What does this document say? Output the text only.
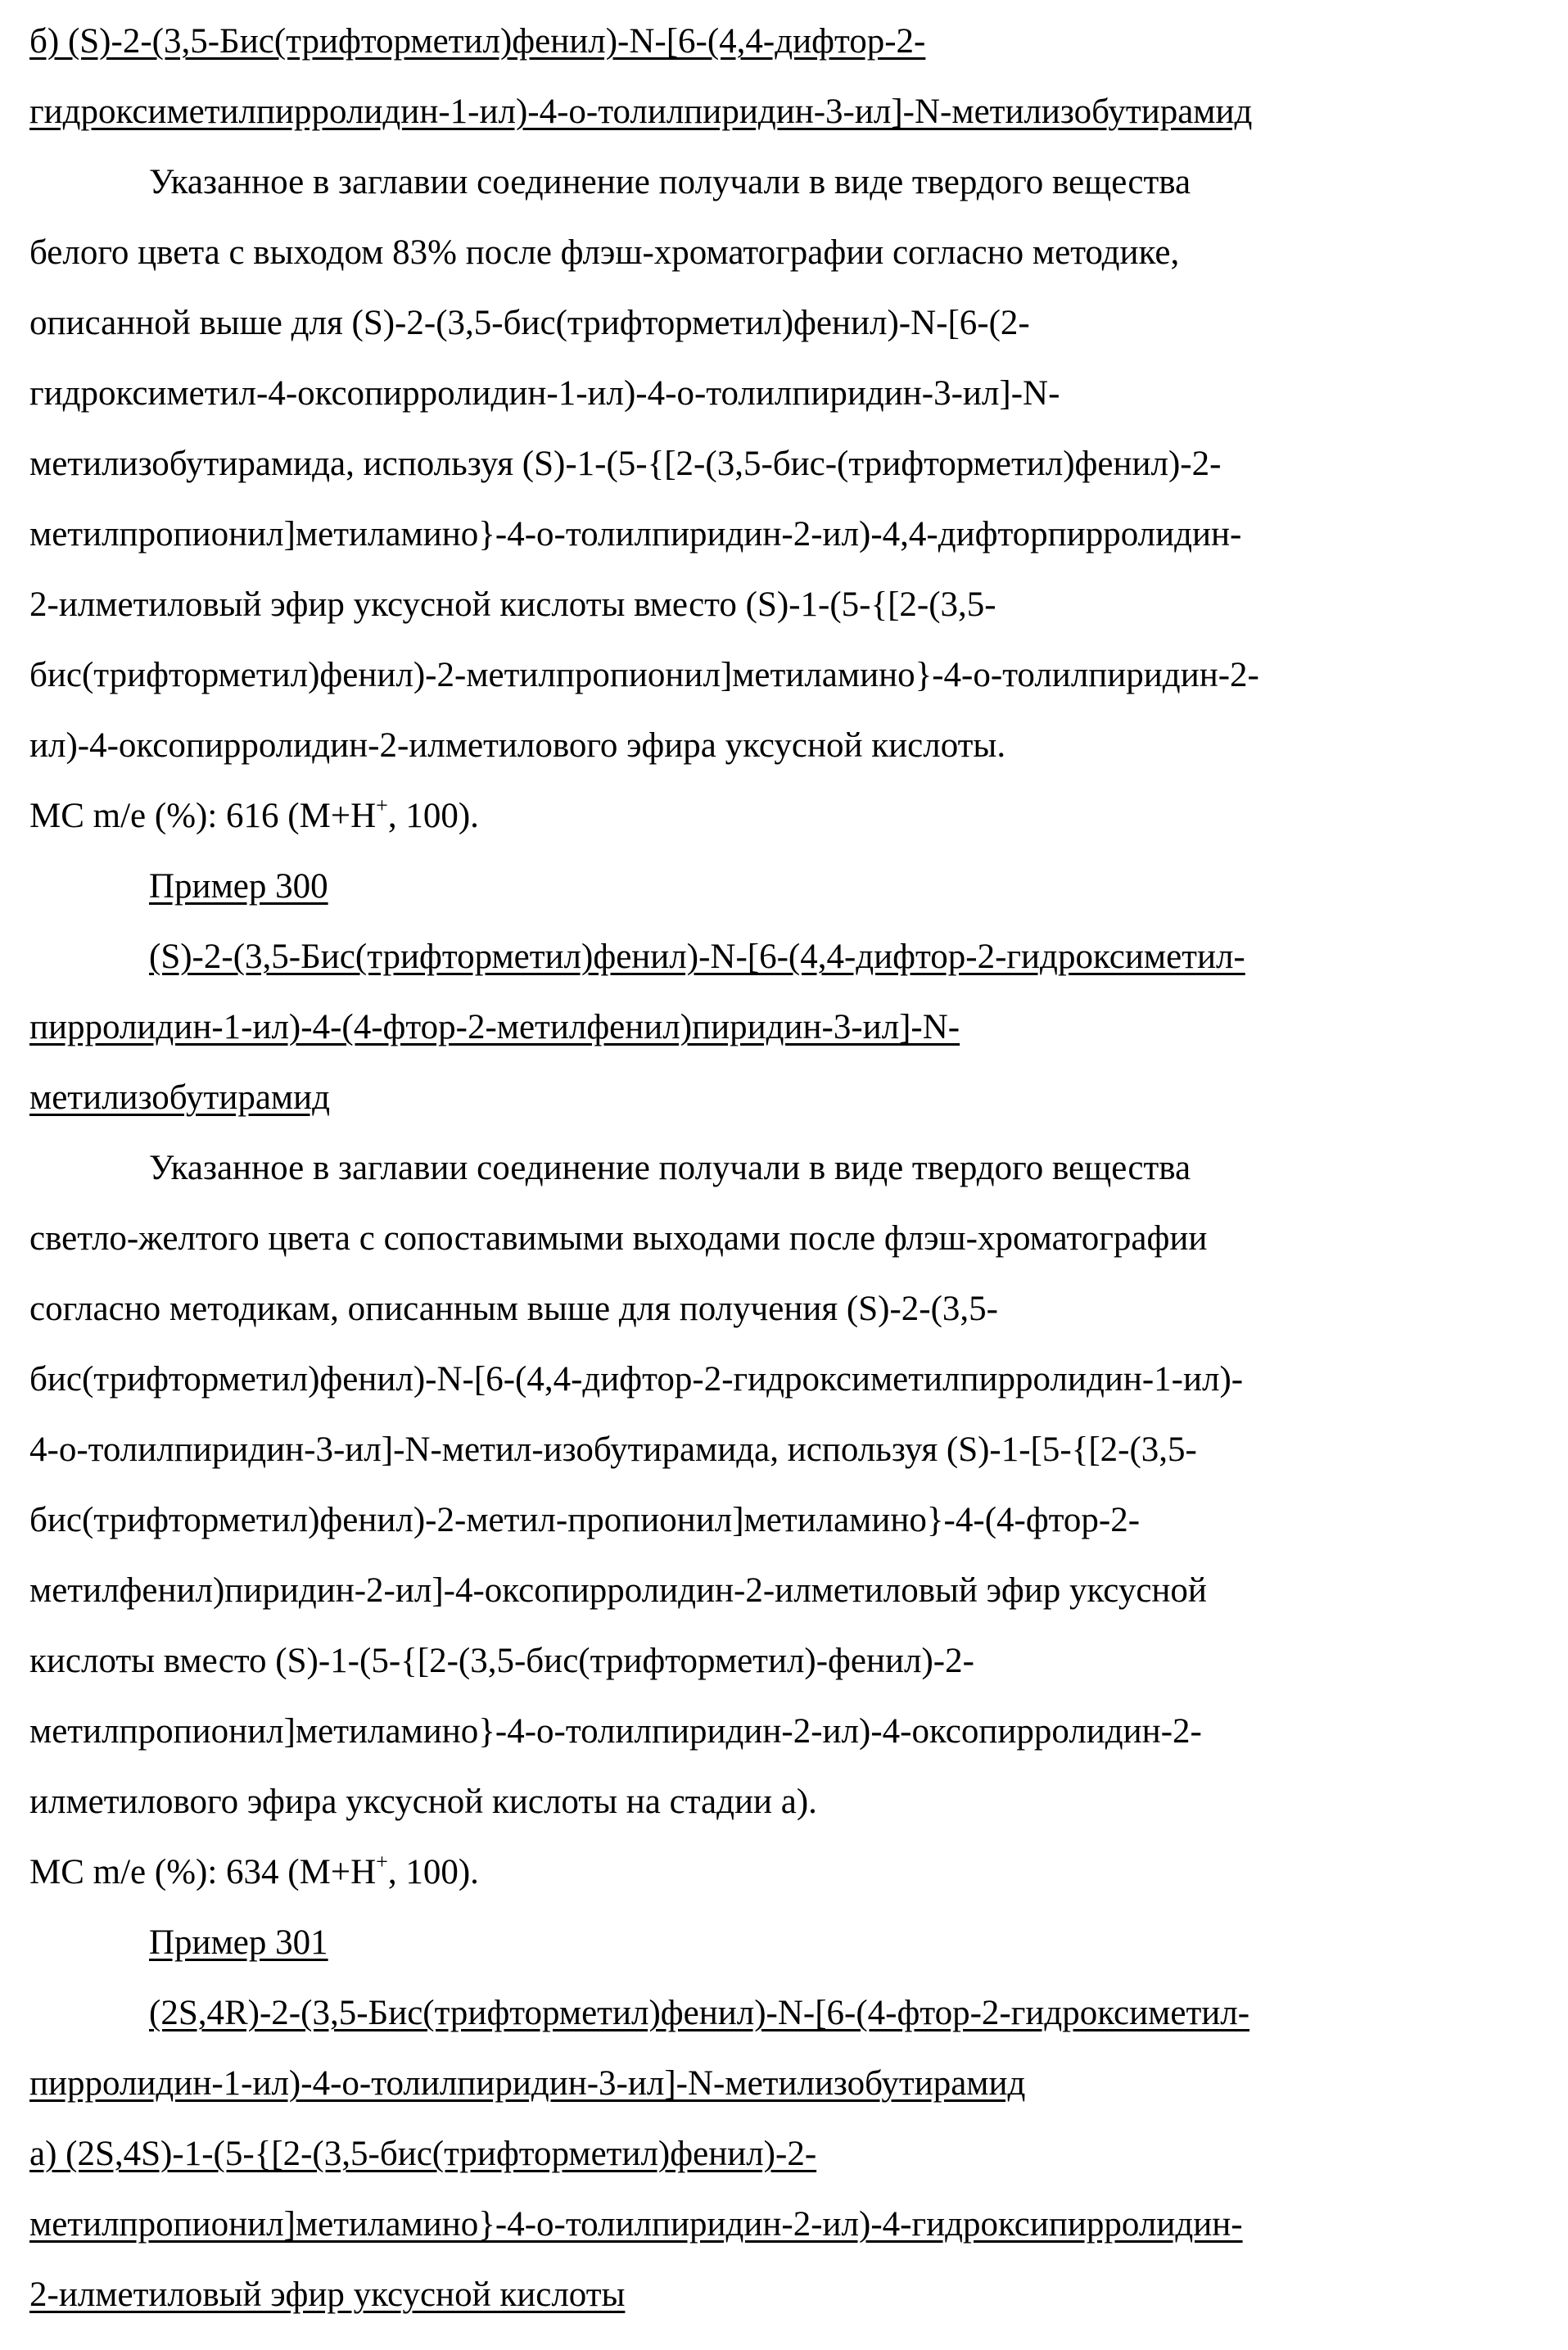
б) (S)-2-(3,5-Бис(трифторметил)фенил)-N-[6-(4,4-дифтор-2-
гидроксиметилпирролидин-1-ил)-4-о-толилпиридин-3-ил]-N-метилизобутирамид
Указанное в заглавии соединение получали в виде твердого вещества
белого цвета с выходом 83% после флэш-хроматографии согласно методике,
описанной выше для (S)-2-(3,5-бис(трифторметил)фенил)-N-[6-(2-
гидроксиметил-4-оксопирролидин-1-ил)-4-о-толилпиридин-3-ил]-N-
метилизобутирамида, используя (S)-1-(5-{[2-(3,5-бис-(трифторметил)фенил)-2-
метилпропионил]метиламино}-4-о-толилпиридин-2-ил)-4,4-дифторпирролидин-
2-илметиловый эфир уксусной кислоты вместо (S)-1-(5-{[2-(3,5-
бис(трифторметил)фенил)-2-метилпропионил]метиламино}-4-о-толилпиридин-2-
ил)-4-оксопирролидин-2-илметилового эфира уксусной кислоты.
МС m/e (%): 616 (M+H+, 100).
Пример 300
(S)-2-(3,5-Бис(трифторметил)фенил)-N-[6-(4,4-дифтор-2-гидроксиметил-
пирролидин-1-ил)-4-(4-фтор-2-метилфенил)пиридин-3-ил]-N-
метилизобутирамид
Указанное в заглавии соединение получали в виде твердого вещества
светло-желтого цвета с сопоставимыми выходами после флэш-хроматографии
согласно методикам, описанным выше для получения (S)-2-(3,5-
бис(трифторметил)фенил)-N-[6-(4,4-дифтор-2-гидроксиметилпирролидин-1-ил)-
4-о-толилпиридин-3-ил]-N-метил-изобутирамида, используя (S)-1-[5-{[2-(3,5-
бис(трифторметил)фенил)-2-метил-пропионил]метиламино}-4-(4-фтор-2-
метилфенил)пиридин-2-ил]-4-оксопирролидин-2-илметиловый эфир уксусной
кислоты вместо (S)-1-(5-{[2-(3,5-бис(трифторметил)-фенил)-2-
метилпропионил]метиламино}-4-о-толилпиридин-2-ил)-4-оксопирролидин-2-
илметилового эфира уксусной кислоты на стадии а).
МС m/e (%): 634 (M+H+, 100).
Пример 301
(2S,4R)-2-(3,5-Бис(трифторметил)фенил)-N-[6-(4-фтор-2-гидроксиметил-
пирролидин-1-ил)-4-о-толилпиридин-3-ил]-N-метилизобутирамид
а) (2S,4S)-1-(5-{[2-(3,5-бис(трифторметил)фенил)-2-
метилпропионил]метиламино}-4-о-толилпиридин-2-ил)-4-гидроксипирролидин-
2-илметиловый эфир уксусной кислоты
